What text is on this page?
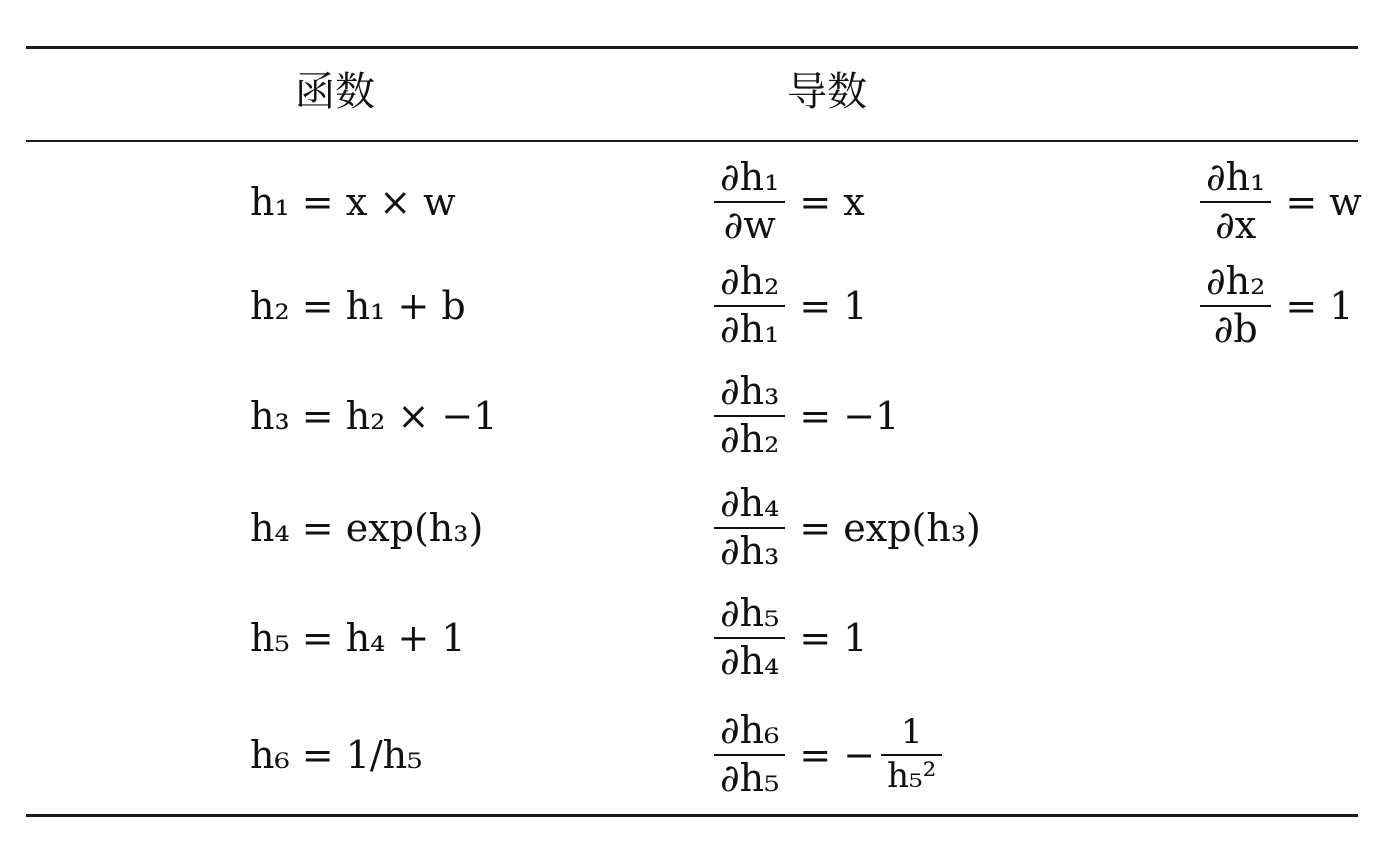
函数	导数
h₁ = x × w	$\frac{\text{∂h₁}}{\partial w} = x$	$\frac{\text{∂h₁}}{\partial x} = w$
h₂ = h₁ + b	$\frac{\text{∂h₂}}{\text{∂h₁}} = 1$	$\frac{\text{∂h₂}}{\partial b} = 1$
h₃ = h₂ × −1	$\frac{\text{∂h₃}}{\text{∂h₂}} = -1$
h₄ = exp(h₃)	$\frac{\text{∂h₄}}{\text{∂h₃}} = \exp(h_3)$
h₅ = h₄ + 1	$\frac{\text{∂h₅}}{\text{∂h₄}} = 1$
h₆ = 1/h₅	$\frac{\text{∂h₆}}{\text{∂h₅}}$ = − $\frac{1}{\text{h₅²}}$
